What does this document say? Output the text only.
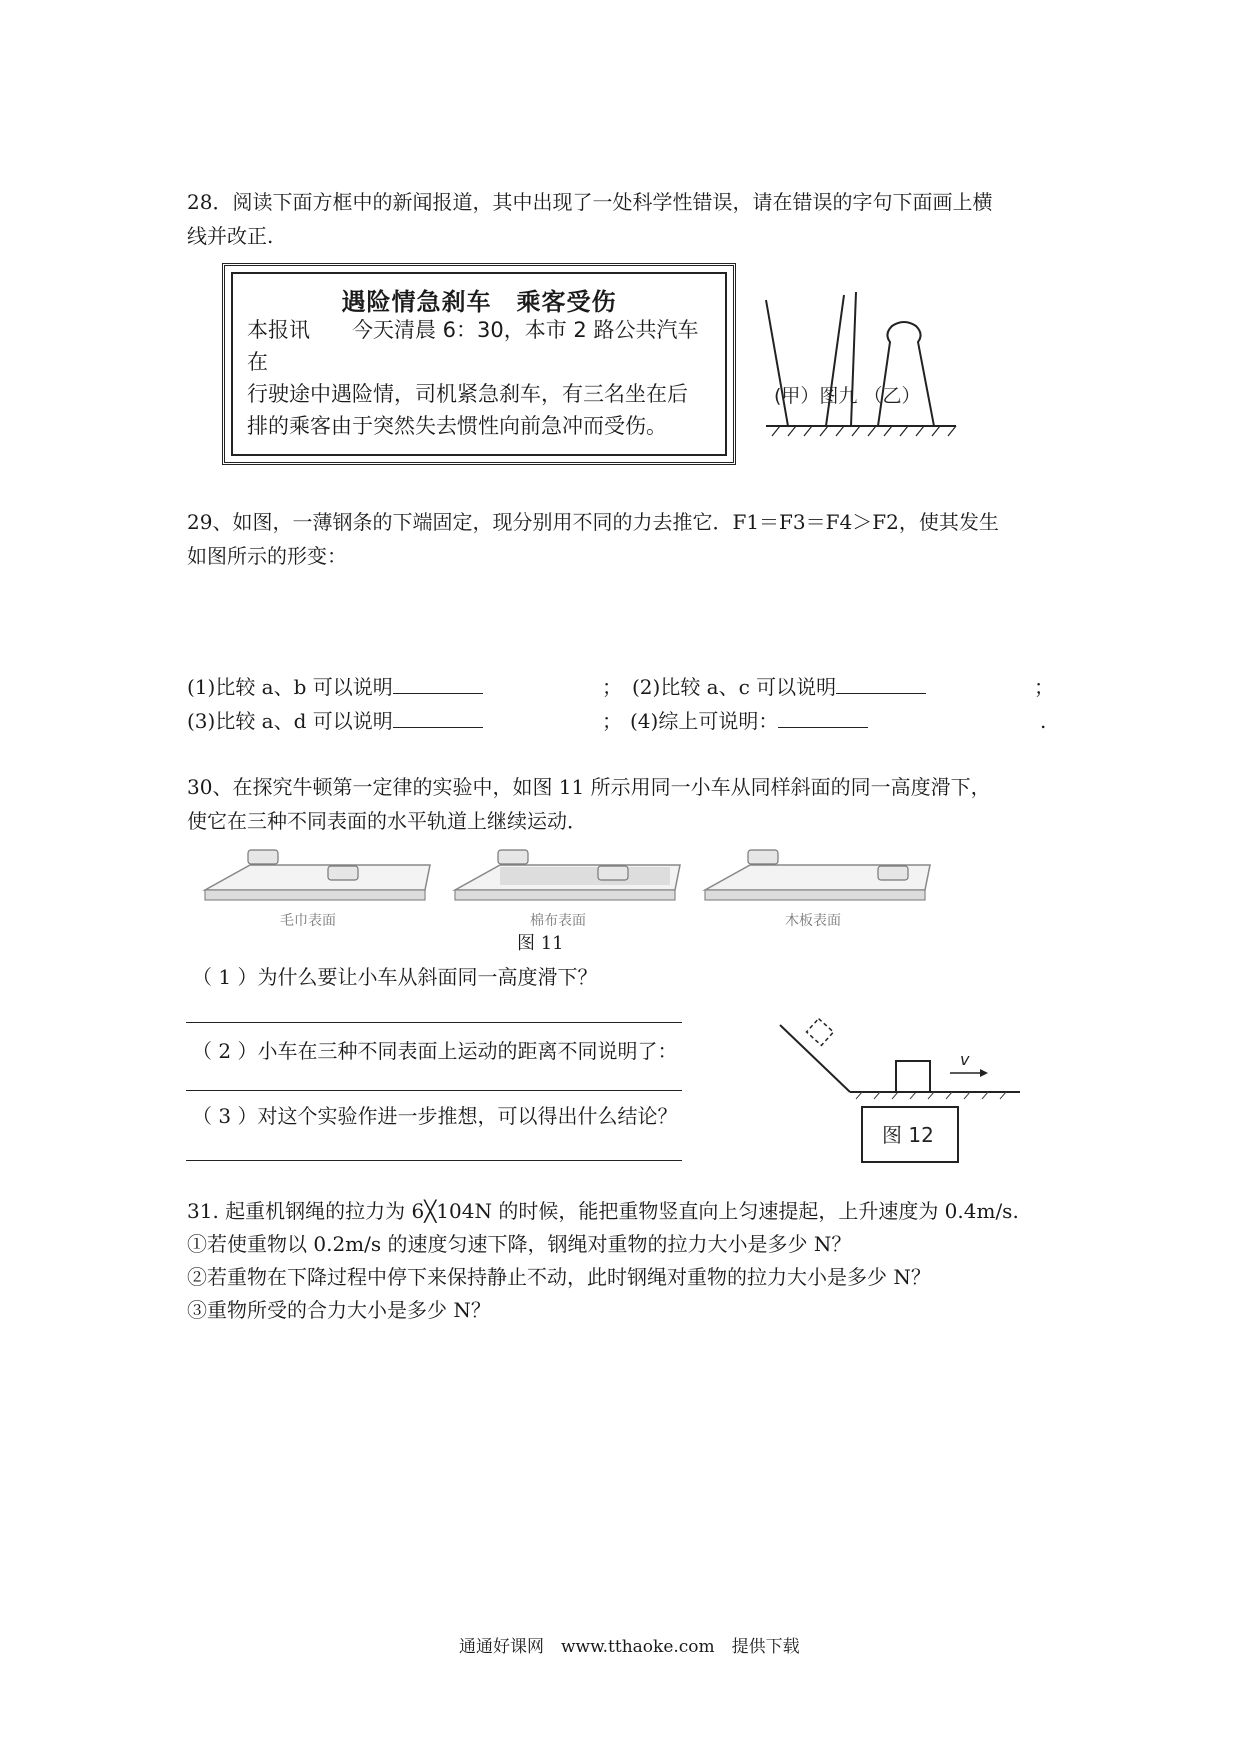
28．阅读下面方框中的新闻报道，其中出现了一处科学性错误，请在错误的字句下面画上横
线并改正.
遇险情急刹车　乘客受伤
本报讯　　今天清晨 6：30，本市 2 路公共汽车在
行驶途中遇险情，司机紧急刹车，有三名坐在后
排的乘客由于突然失去惯性向前急冲而受伤。
(甲）图九 （乙）
29、如图，一薄钢条的下端固定，现分别用不同的力去推它．F1＝F3＝F4＞F2，使其发生
如图所示的形变：
(1)比较 a、b 可以说明	； (2)比较 a、c 可以说明	；
(3)比较 a、d 可以说明	； (4)综上可说明：	.
30、在探究牛顿第一定律的实验中，如图 11 所示用同一小车从同样斜面的同一高度滑下，
使它在三种不同表面的水平轨道上继续运动．
毛巾表面	棉布表面	木板表面
图 11
（ 1 ）为什么要让小车从斜面同一高度滑下？
（ 2 ）小车在三种不同表面上运动的距离不同说明了：
（ 3 ）对这个实验作进一步推想，可以得出什么结论？
v
图 12
31. 起重机钢绳的拉力为 6╳104N 的时候，能把重物竖直向上匀速提起，上升速度为 0.4m/s.
①若使重物以 0.2m/s 的速度匀速下降，钢绳对重物的拉力大小是多少 N？
②若重物在下降过程中停下来保持静止不动，此时钢绳对重物的拉力大小是多少 N？
③重物所受的合力大小是多少 N？
通通好课网　www.tthaoke.com　提供下载
